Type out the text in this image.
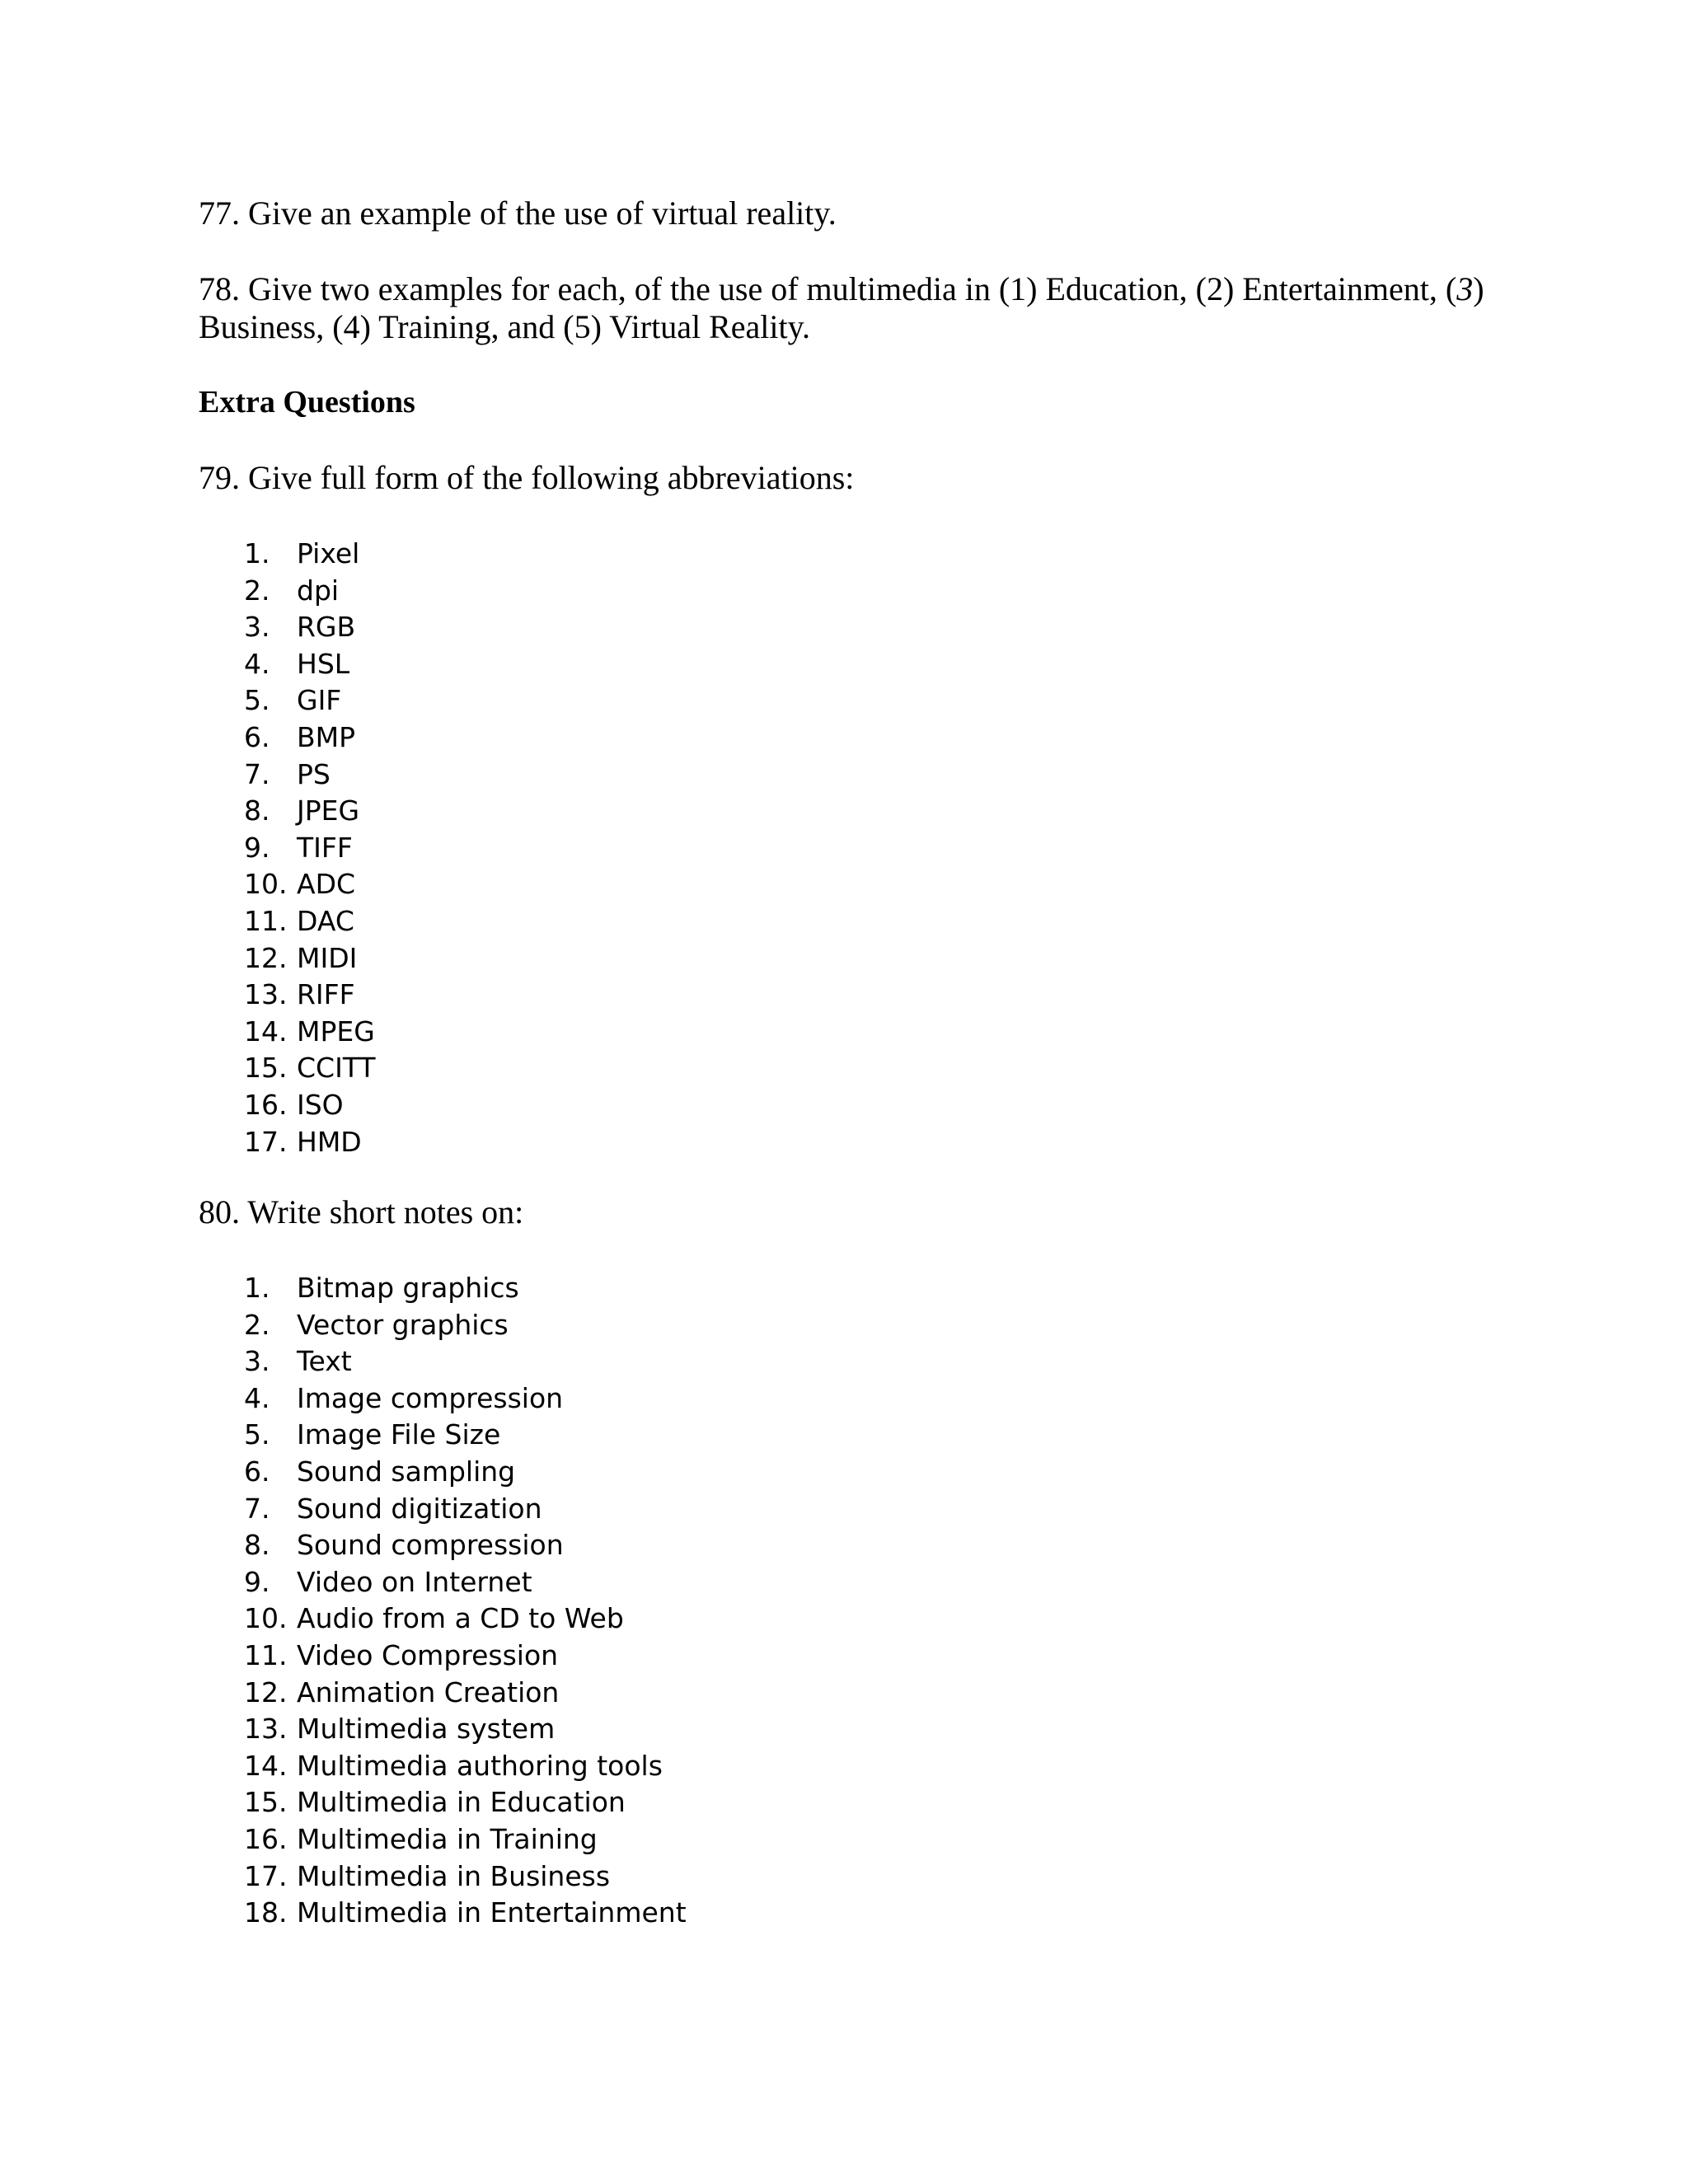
77. Give an example of the use of virtual reality.

78. Give two examples for each, of the use of multimedia in (1) Education, (2) Entertainment, (3)
Business, (4) Training, and (5) Virtual Reality.

Extra Questions

79. Give full form of the following abbreviations:

1. Pixel
2. dpi
3. RGB
4. HSL
5. GIF
6. BMP
7. PS
8. JPEG
9. TIFF
10. ADC
11. DAC
12. MIDI
13. RIFF
14. MPEG
15. CCITT
16. ISO
17. HMD

80. Write short notes on:

1. Bitmap graphics
2. Vector graphics
3. Text
4. Image compression
5. Image File Size
6. Sound sampling
7. Sound digitization
8. Sound compression
9. Video on Internet
10. Audio from a CD to Web
11. Video Compression
12. Animation Creation
13. Multimedia system
14. Multimedia authoring tools
15. Multimedia in Education
16. Multimedia in Training
17. Multimedia in Business
18. Multimedia in Entertainment
